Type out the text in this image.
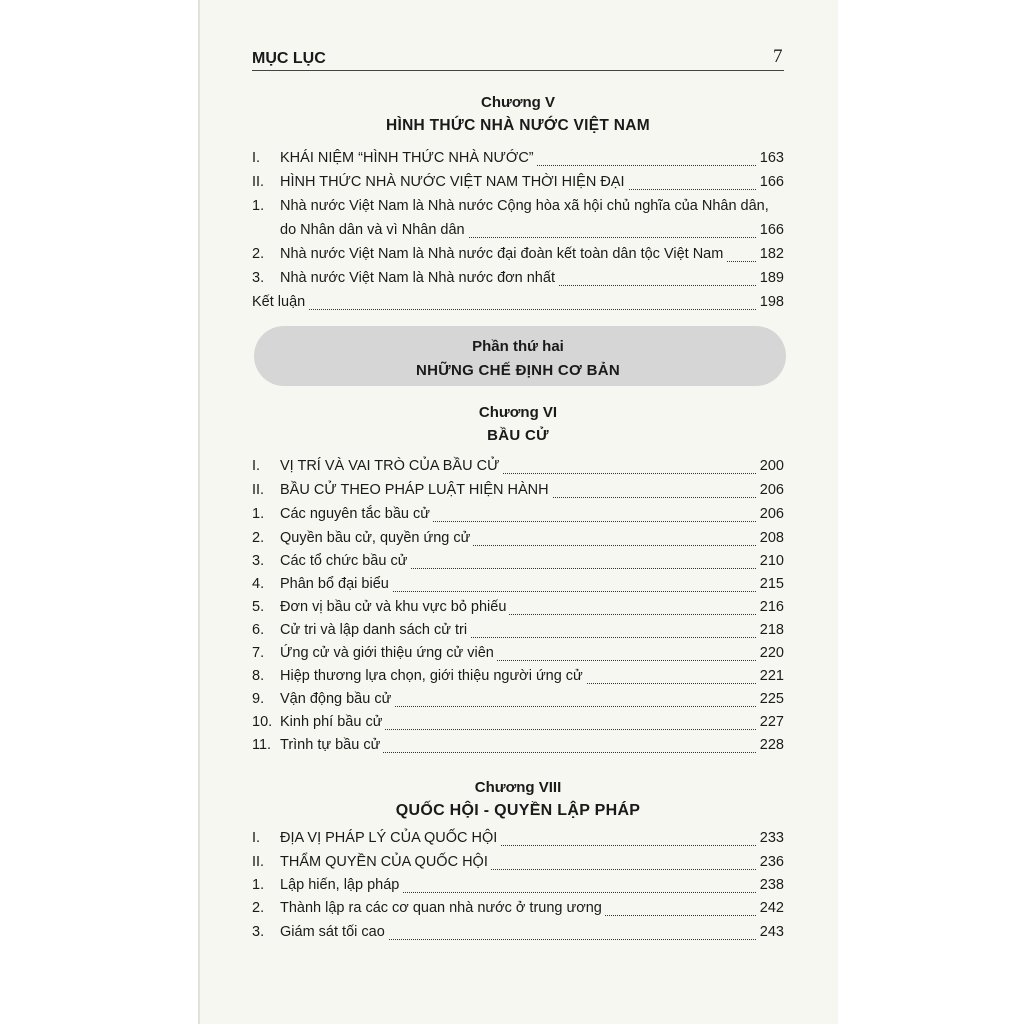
MỤC LỤC	7
Chương V
HÌNH THỨC NHÀ NƯỚC VIỆT NAM
I. KHÁI NIỆM “HÌNH THỨC NHÀ NƯỚC”	163
II. HÌNH THỨC NHÀ NƯỚC VIỆT NAM THỜI HIỆN ĐẠI	166
1. Nhà nước Việt Nam là Nhà nước Cộng hòa xã hội chủ nghĩa của Nhân dân,
do Nhân dân và vì Nhân dân	166
2. Nhà nước Việt Nam là Nhà nước đại đoàn kết toàn dân tộc Việt Nam	182
3. Nhà nước Việt Nam là Nhà nước đơn nhất	189
Kết luận	198
Phần thứ hai
NHỮNG CHẾ ĐỊNH CƠ BẢN
Chương VI
BẦU CỬ
I. VỊ TRÍ VÀ VAI TRÒ CỦA BẦU CỬ	200
II. BẦU CỬ THEO PHÁP LUẬT HIỆN HÀNH	206
1. Các nguyên tắc bầu cử	206
2. Quyền bầu cử, quyền ứng cử	208
3. Các tổ chức bầu cử	210
4. Phân bổ đại biểu	215
5. Đơn vị bầu cử và khu vực bỏ phiếu	216
6. Cử tri và lập danh sách cử tri	218
7. Ứng cử và giới thiệu ứng cử viên	220
8. Hiệp thương lựa chọn, giới thiệu người ứng cử	221
9. Vận động bầu cử	225
10. Kinh phí bầu cử	227
11. Trình tự bầu cử	228
Chương VIII
QUỐC HỘI - QUYỀN LẬP PHÁP
I. ĐỊA VỊ PHÁP LÝ CỦA QUỐC HỘI	233
II. THẨM QUYỀN CỦA QUỐC HỘI	236
1. Lập hiến, lập pháp	238
2. Thành lập ra các cơ quan nhà nước ở trung ương	242
3. Giám sát tối cao	243
